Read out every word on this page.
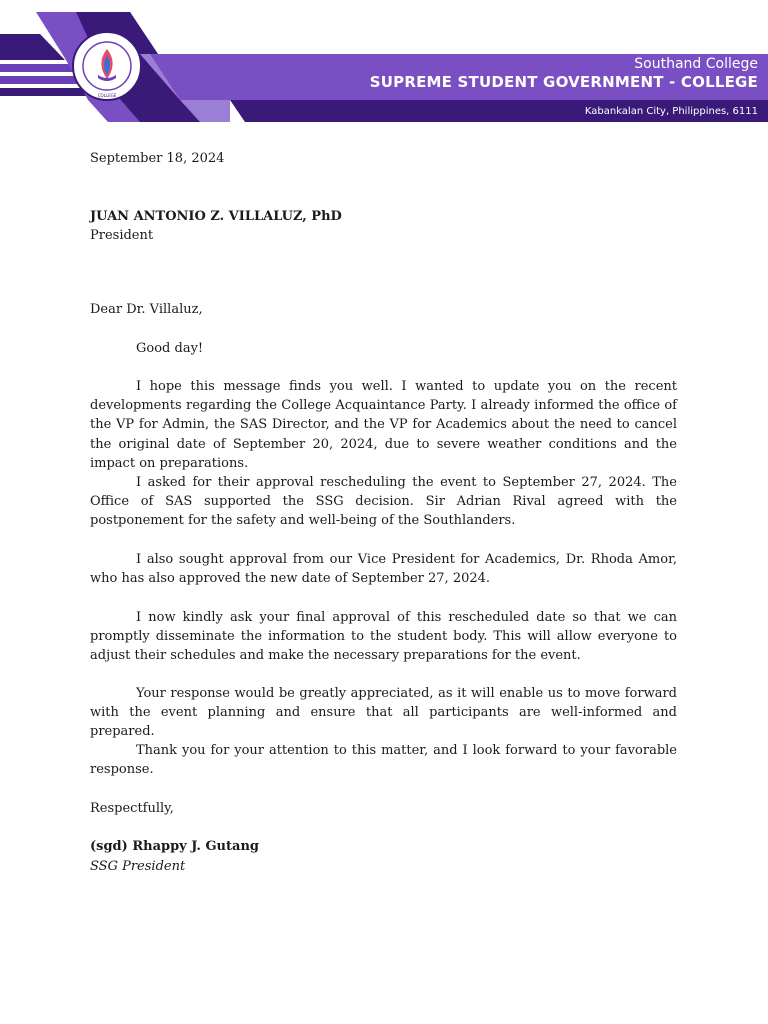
COLLEGE
Southand College
SUPREME STUDENT GOVERNMENT - COLLEGE
Kabankalan City, Philippines, 6111
September 18, 2024
JUAN ANTONIO Z. VILLALUZ, PhD
President
Dear Dr. Villaluz,
Good day!

I hope this message finds you well. I wanted to update you on the recent developments regarding the College Acquaintance Party. I already informed the office of the VP for Admin, the SAS Director, and the VP for Academics about the need to cancel the original date of September 20, 2024, due to severe weather conditions and the impact on preparations.

I asked for their approval rescheduling the event to September 27, 2024. The Office of SAS supported the SSG decision. Sir Adrian Rival agreed with the postponement for the safety and well-being of the Southlanders.

I also sought approval from our Vice President for Academics, Dr. Rhoda Amor, who has also approved the new date of September 27, 2024.

I now kindly ask your final approval of this rescheduled date so that we can promptly disseminate the information to the student body. This will allow everyone to adjust their schedules and make the necessary preparations for the event.

Your response would be greatly appreciated, as it will enable us to move forward with the event planning and ensure that all participants are well-informed and prepared.

Thank you for your attention to this matter, and I look forward to your favorable response.

Respectfully,
(sgd) Rhappy J. Gutang
SSG President
